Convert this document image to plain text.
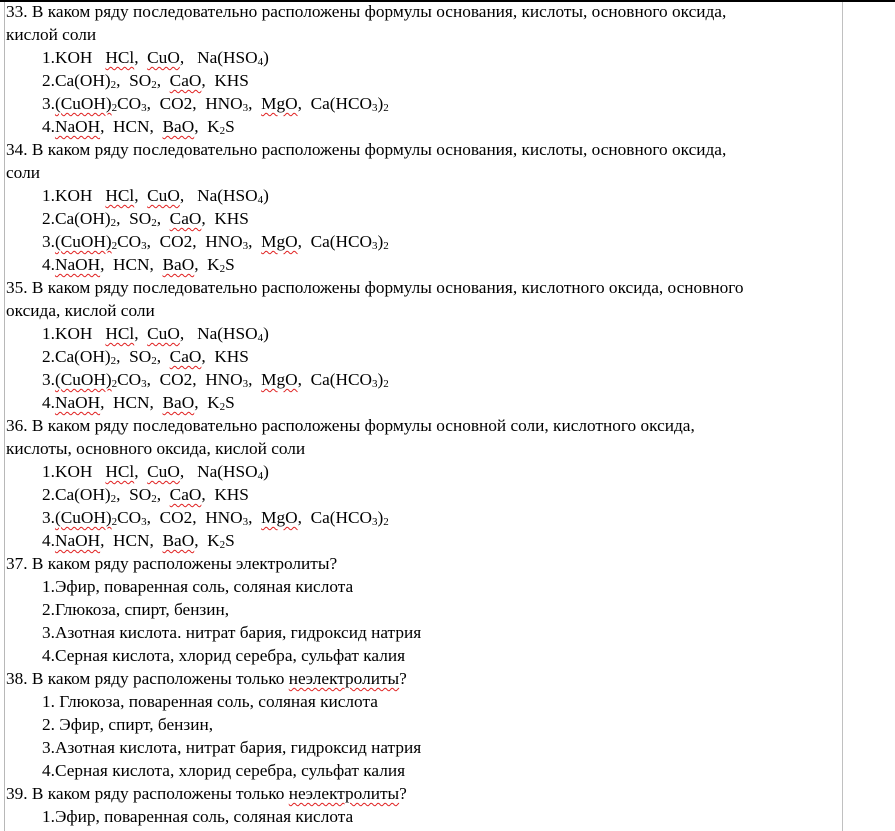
33. В каком ряду последовательно расположены формулы основания, кислоты, основного оксида,
кислой соли
1.KOH   HCl,  CuO,   $Na(HSO_4)$
$2.Ca(OH)_2$,  $SO_2$,  CaO,  KHS
$3.(CuOH)_2CO_3$,  CO2,  $HNO_3$,  MgO,  $Ca(HCO_3)_2$
4.NaOH,  HCN,  BaO,  $K_2S$
34. В каком ряду последовательно расположены формулы основания, кислоты, основного оксида,
соли
1.KOH   HCl,  CuO,   $Na(HSO_4)$
$2.Ca(OH)_2$,  $SO_2$,  CaO,  KHS
$3.(CuOH)_2CO_3$,  CO2,  $HNO_3$,  MgO,  $Ca(HCO_3)_2$
4.NaOH,  HCN,  BaO,  $K_2S$
35. В каком ряду последовательно расположены формулы основания, кислотного оксида, основного
оксида, кислой соли
1.KOH   HCl,  CuO,   $Na(HSO_4)$
$2.Ca(OH)_2$,  $SO_2$,  CaO,  KHS
$3.(CuOH)_2CO_3$,  CO2,  $HNO_3$,  MgO,  $Ca(HCO_3)_2$
4.NaOH,  HCN,  BaO,  $K_2S$
36. В каком ряду последовательно расположены формулы основной соли, кислотного оксида,
кислоты, основного оксида, кислой соли
1.KOH   HCl,  CuO,   $Na(HSO_4)$
$2.Ca(OH)_2$,  $SO_2$,  CaO,  KHS
$3.(CuOH)_2CO_3$,  CO2,  $HNO_3$,  MgO,  $Ca(HCO_3)_2$
4.NaOH,  HCN,  BaO,  $K_2S$
37. В каком ряду расположены электролиты?
1.Эфир, поваренная соль, соляная кислота
2.Глюкоза, спирт, бензин,
3.Азотная кислота. нитрат бария, гидроксид натрия
4.Серная кислота, хлорид серебра, сульфат калия
38. В каком ряду расположены только неэлектролиты?
1. Глюкоза, поваренная соль, соляная кислота
2. Эфир, спирт, бензин,
3.Азотная кислота, нитрат бария, гидроксид натрия
4.Серная кислота, хлорид серебра, сульфат калия
39. В каком ряду расположены только неэлектролиты?
1.Эфир, поваренная соль, соляная кислота
